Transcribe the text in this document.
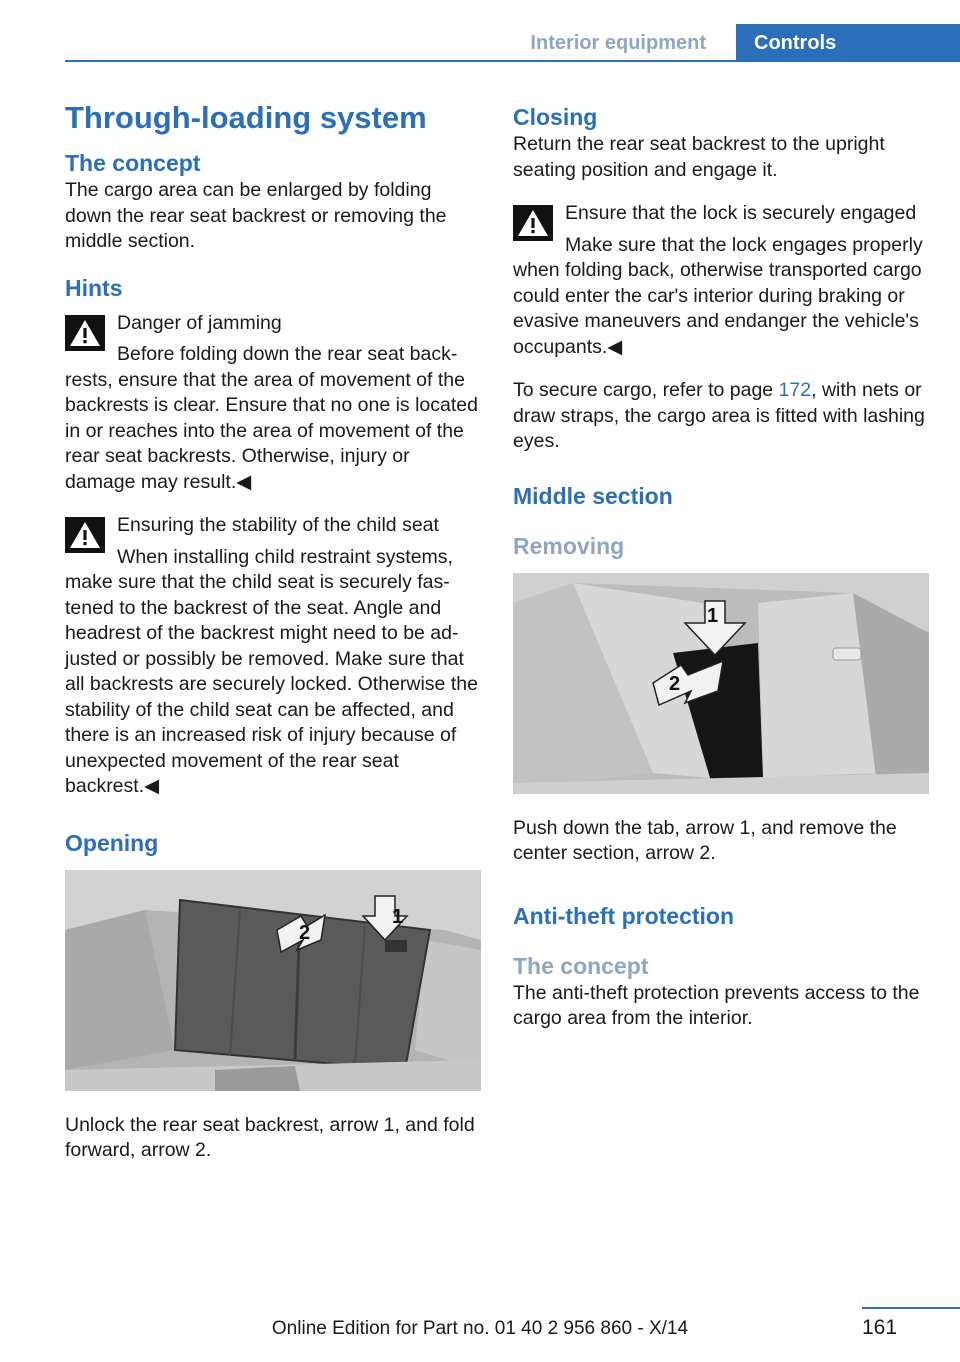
Interior equipment	Controls
Through-loading system
The concept

The cargo area can be enlarged by folding down the rear seat backrest or removing the middle section.

Hints
Danger of jamming
Before folding down the rear seat backrests, ensure that the area of movement of the backrests is clear. Ensure that no one is located in or reaches into the area of movement of the rear seat backrests. Otherwise, injury or damage may result.◀
Ensuring the stability of the child seat
When installing child restraint systems, make sure that the child seat is securely fastened to the backrest of the seat. Angle and headrest of the backrest might need to be adjusted or possibly be removed. Make sure that all backrests are securely locked. Otherwise the stability of the child seat can be affected, and there is an increased risk of injury because of unexpected movement of the rear seat backrest.◀
Opening
1
2

Unlock the rear seat backrest, arrow 1, and fold forward, arrow 2.

Closing

Return the rear seat backrest to the upright seating position and engage it.

Ensure that the lock is securely engaged
Make sure that the lock engages properly when folding back, otherwise transported cargo could enter the car's interior during braking or evasive maneuvers and endanger the vehicle's occupants.◀

To secure cargo, refer to page 172, with nets or draw straps, the cargo area is fitted with lashing eyes.

Middle section
Removing
1
2

Push down the tab, arrow 1, and remove the center section, arrow 2.

Anti-theft protection
The concept

The anti-theft protection prevents access to the cargo area from the interior.

161
Online Edition for Part no. 01 40 2 956 860 - X/14
